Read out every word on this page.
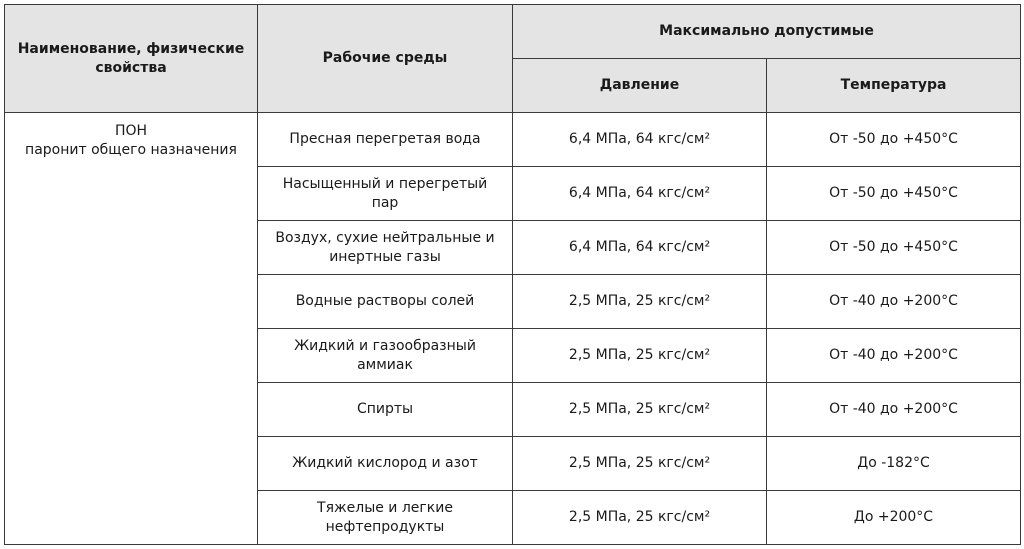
Наименование, физические свойства	Рабочие среды	Максимально допустимые	
		Давление	Температура
ПОН
паронит общего назначения	Пресная перегретая вода	6,4 МПа, 64 кгс/см²	От -50 до +450°С
	Насыщенный и перегретый пар	6,4 МПа, 64 кгс/см²	От -50 до +450°С
	Воздух, сухие нейтральные и инертные газы	6,4 МПа, 64 кгс/см²	От -50 до +450°С
	Водные растворы солей	2,5 МПа, 25 кгс/см²	От -40 до +200°С
	Жидкий и газообразный аммиак	2,5 МПа, 25 кгс/см²	От -40 до +200°С
	Спирты	2,5 МПа, 25 кгс/см²	От -40 до +200°С
	Жидкий кислород и азот	2,5 МПа, 25 кгс/см²	До -182°С
	Тяжелые и легкие нефтепродукты	2,5 МПа, 25 кгс/см²	До +200°С
